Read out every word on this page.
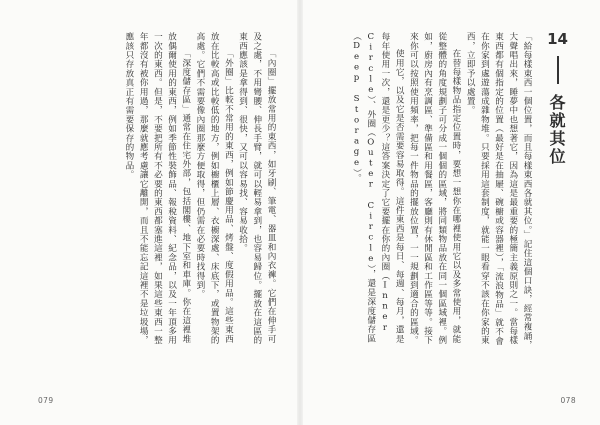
14
各就其位

「給每樣東西一個位置，而且每樣東西各就其位。」記住這個口訣，經常複誦，大聲唱出來，睡夢中也想著它，因為這是最重要的極簡主義原則之一。當每樣東西都有個指定的位置（最好是在抽屜、碗櫥或容器裡），「流浪物品」就不會在你家到處遊蕩成雜物堆。只要採用這套制度，就能一眼看穿不該在你家的東西，立即予以處置。

在替每樣物品指定位置時，要想一想你在哪裡使用它以及多常使用，就能從整體的角度規劃子可分成一個個的區域，將同類物品放在同一個區域裡。例如，廚房內有烹調區、準備區和用餐區，客廳則有休閒區和工作區等等。接下來你可以按照使用頻率，把每一件物品的擺放位置，一一規劃到適合的區域。

使用它，以及它是否需要容易取得。這件東西是每日、每週、每月，還是每年使用一次，還是更少？這答案決定了它要擺在你的內圈（Inner Circle）、外圈（Outer Circle），還是深度儲存區（Deep Storage）。

078

「內圈」擺放常用的東西，如牙刷、筆電、器皿和內衣褲。它們在伸手可及之處，不用彎腰、伸長手臂，就可以輕易拿到，也容易歸位。擺放在這區的東西應該是拿得到、很快，又可以容易找、容易收拾。

「外圈」比較不常用的東西，例如節慶用品、烤盤、度假用品。這些東西放在比較高或比較低的地方，例如櫥櫃上層、衣櫥深處、床底下，或置物架的高處。它們不需要像內圈那麼方便取得，但仍需在必要時找得到。

「深度儲存區」通常在住宅外部，包括閣樓、地下室和車庫。你在這裡堆放偶爾使用的東西，例如季節性裝飾品、報稅資料、紀念品，以及一年頂多用一次的東西。但是，不要把所有不必要的東西都塞進這裡，如果這些東西一整年都沒有被你用過，那麼就應考慮讓它離開，而且不能忘記這裡不是垃圾場，應該只存放真正有需要保存的物品。

079
